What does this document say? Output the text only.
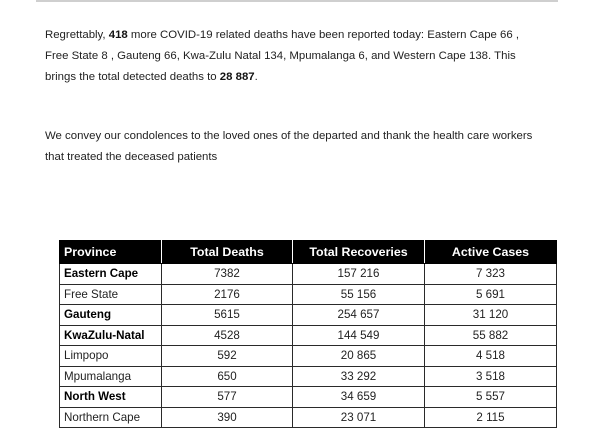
Regrettably, 418 more COVID-19 related deaths have been reported today: Eastern Cape 66 , Free State 8 , Gauteng 66, Kwa-Zulu Natal 134, Mpumalanga 6, and Western Cape 138. This brings the total detected deaths to 28 887.

We convey our condolences to the loved ones of the departed and thank the health care workers that treated the deceased patients

Province	Total Deaths	Total Recoveries	Active Cases
Eastern Cape	7382	157 216	7 323
Free State	2176	55 156	5 691
Gauteng	5615	254 657	31 120
KwaZulu-Natal	4528	144 549	55 882
Limpopo	592	20 865	4 518
Mpumalanga	650	33 292	3 518
North West	577	34 659	5 557
Northern Cape	390	23 071	2 115
